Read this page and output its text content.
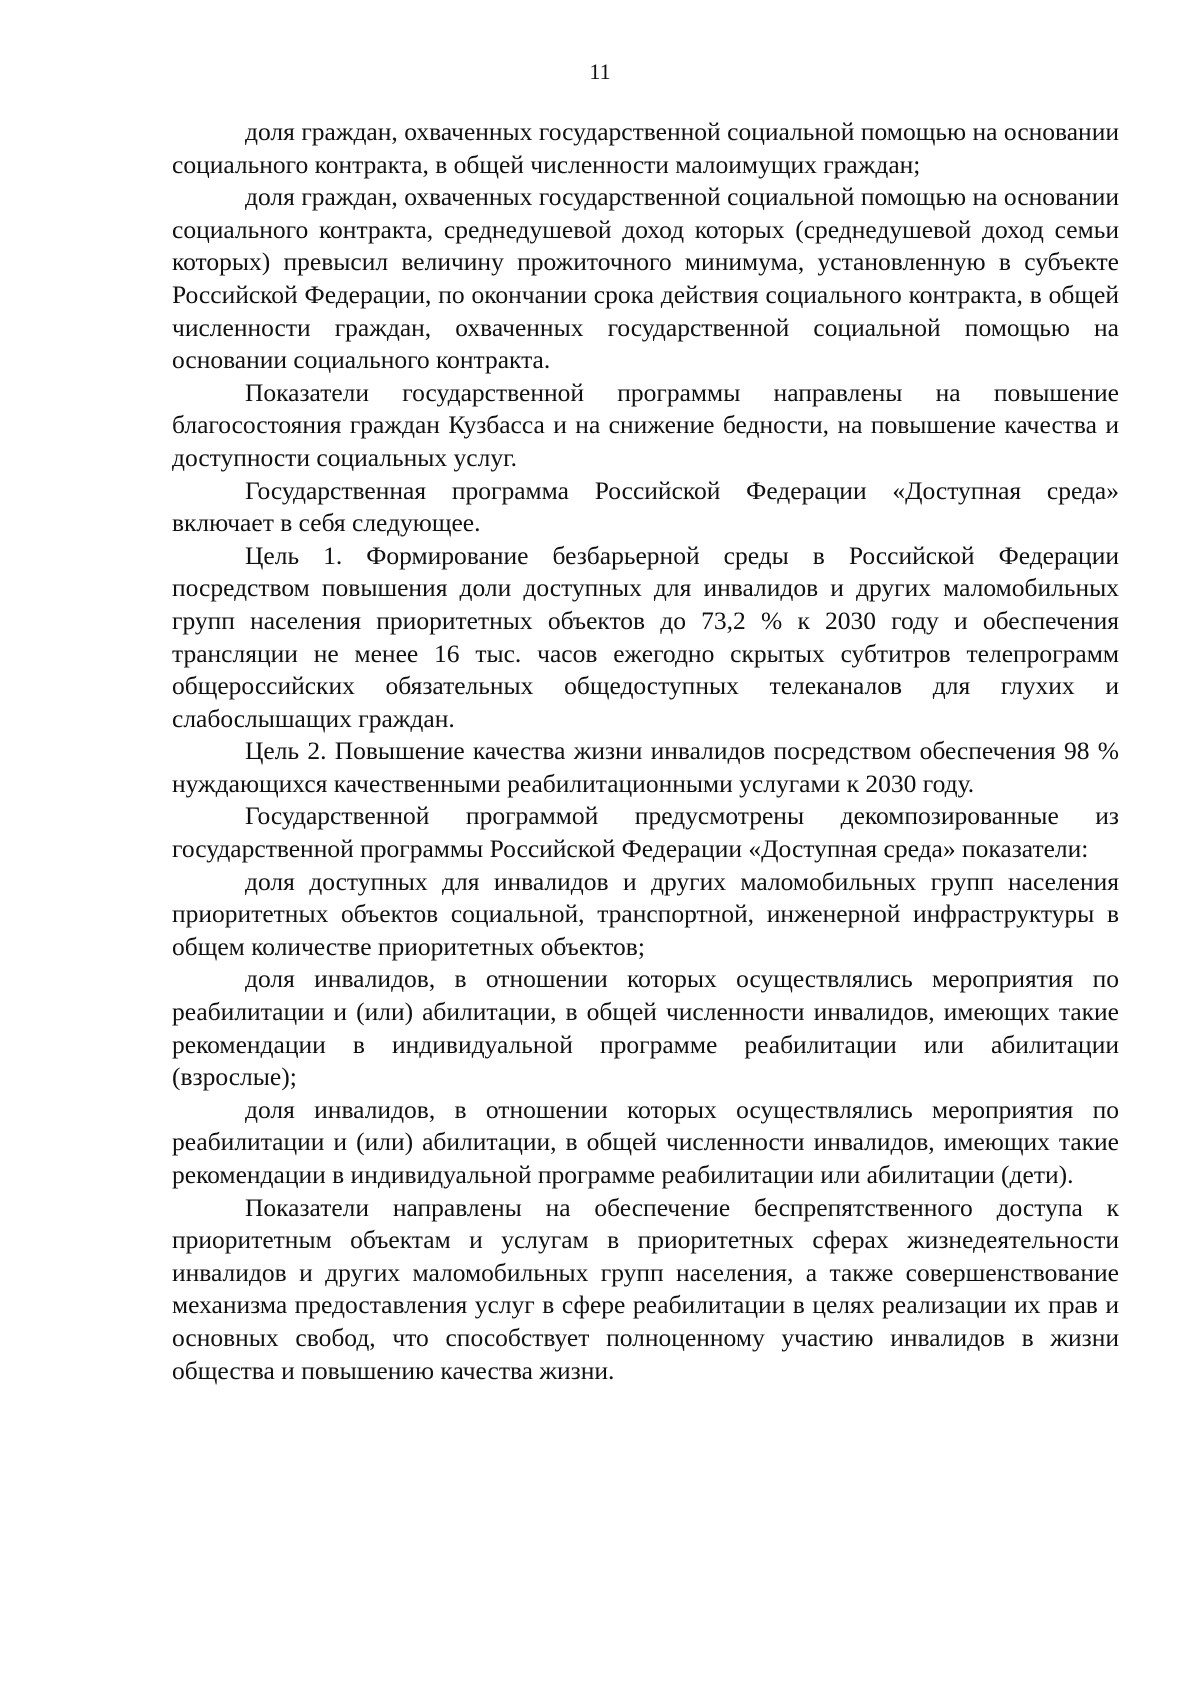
11

доля граждан, охваченных государственной социальной помощью на основании социального контракта, в общей численности малоимущих граждан;

доля граждан, охваченных государственной социальной помощью на основании социального контракта, среднедушевой доход которых (среднедушевой доход семьи которых) превысил величину прожиточного минимума, установленную в субъекте Российской Федерации, по окончании срока действия социального контракта, в общей численности граждан, охваченных государственной социальной помощью на основании социального контракта.

Показатели государственной программы направлены на повышение благосостояния граждан Кузбасса и на снижение бедности, на повышение качества и доступности социальных услуг.

Государственная программа Российской Федерации «Доступная среда» включает в себя следующее.

Цель 1. Формирование безбарьерной среды в Российской Федерации посредством повышения доли доступных для инвалидов и других маломобильных групп населения приоритетных объектов до 73,2 % к 2030 году и обеспечения трансляции не менее 16 тыс. часов ежегодно скрытых субтитров телепрограмм общероссийских обязательных общедоступных телеканалов для глухих и слабослышащих граждан.

Цель 2. Повышение качества жизни инвалидов посредством обеспечения 98 % нуждающихся качественными реабилитационными услугами к 2030 году.

Государственной программой предусмотрены декомпозированные из государственной программы Российской Федерации «Доступная среда» показатели:

доля доступных для инвалидов и других маломобильных групп населения приоритетных объектов социальной, транспортной, инженерной инфраструктуры в общем количестве приоритетных объектов;

доля инвалидов, в отношении которых осуществлялись мероприятия по реабилитации и (или) абилитации, в общей численности инвалидов, имеющих такие рекомендации в индивидуальной программе реабилитации или абилитации (взрослые);

доля инвалидов, в отношении которых осуществлялись мероприятия по реабилитации и (или) абилитации, в общей численности инвалидов, имеющих такие рекомендации в индивидуальной программе реабилитации или абилитации (дети).

Показатели направлены на обеспечение беспрепятственного доступа к приоритетным объектам и услугам в приоритетных сферах жизнедеятельности инвалидов и других маломобильных групп населения, а также совершенствование механизма предоставления услуг в сфере реабилитации в целях реализации их прав и основных свобод, что способствует полноценному участию инвалидов в жизни общества и повышению качества жизни.
